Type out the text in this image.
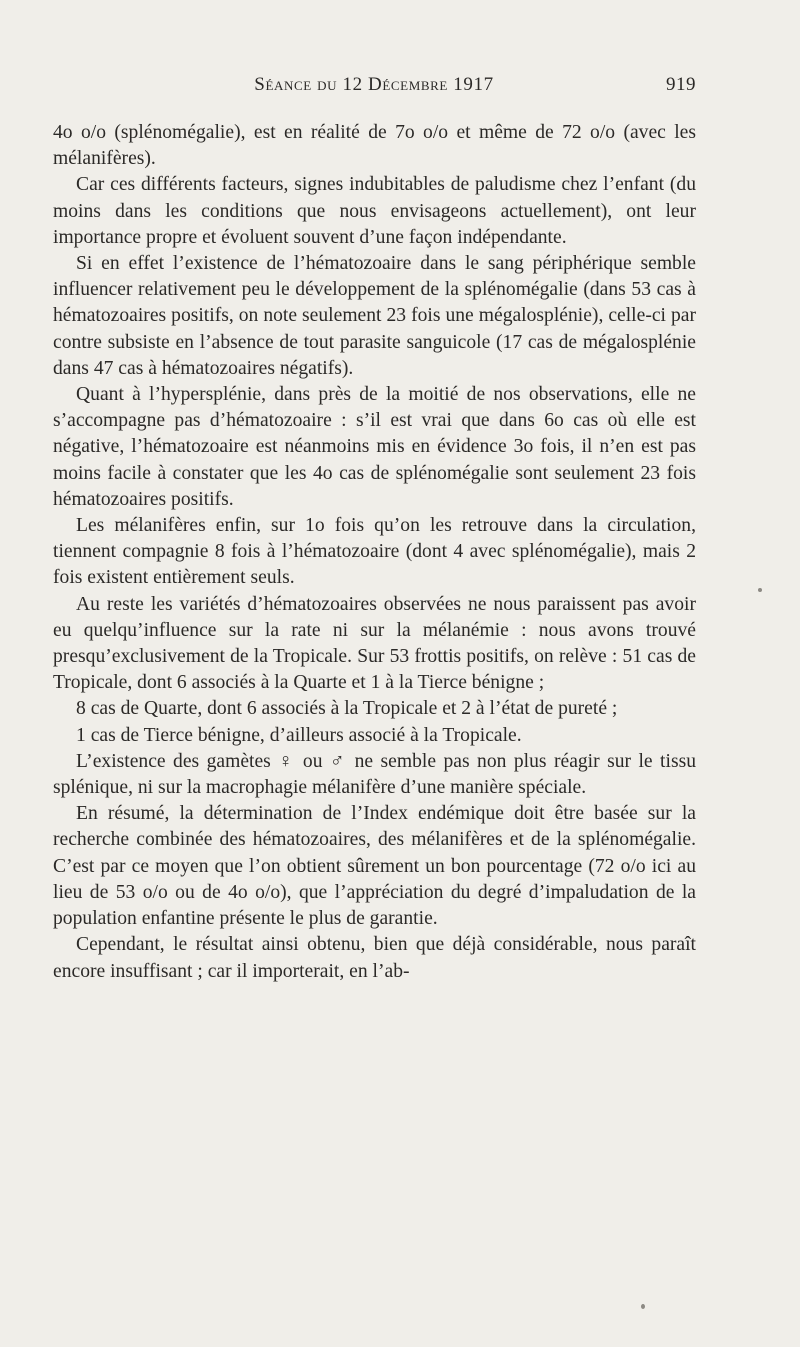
Séance du 12 Décembre 1917	919

4o o/o (splénomégalie), est en réalité de 7o o/o et même de 72 o/o (avec les mélanifères).

Car ces différents facteurs, signes indubitables de paludisme chez l’enfant (du moins dans les conditions que nous envisageons actuellement), ont leur importance propre et évoluent souvent d’une façon indépendante.

Si en effet l’existence de l’hématozoaire dans le sang périphérique semble influencer relativement peu le développement de la splénomégalie (dans 53 cas à hématozoaires positifs, on note seulement 23 fois une mégalosplénie), celle-ci par contre subsiste en l’absence de tout parasite sanguicole (17 cas de mégalosplénie dans 47 cas à hématozoaires négatifs).

Quant à l’hypersplénie, dans près de la moitié de nos observations, elle ne s’accompagne pas d’hématozoaire : s’il est vrai que dans 6o cas où elle est négative, l’hématozoaire est néanmoins mis en évidence 3o fois, il n’en est pas moins facile à constater que les 4o cas de splénomégalie sont seulement 23 fois hématozoaires positifs.

Les mélanifères enfin, sur 1o fois qu’on les retrouve dans la circulation, tiennent compagnie 8 fois à l’hématozoaire (dont 4 avec splénomégalie), mais 2 fois existent entièrement seuls.

Au reste les variétés d’hématozoaires observées ne nous paraissent pas avoir eu quelqu’influence sur la rate ni sur la mélanémie : nous avons trouvé presqu’exclusivement de la Tropicale. Sur 53 frottis positifs, on relève : 51 cas de Tropicale, dont 6 associés à la Quarte et 1 à la Tierce bénigne ;

8 cas de Quarte, dont 6 associés à la Tropicale et 2 à l’état de pureté ;

1 cas de Tierce bénigne, d’ailleurs associé à la Tropicale.

L’existence des gamètes ♀ ou ♂ ne semble pas non plus réagir sur le tissu splénique, ni sur la macrophagie mélanifère d’une manière spéciale.

En résumé, la détermination de l’Index endémique doit être basée sur la recherche combinée des hématozoaires, des mélanifères et de la splénomégalie. C’est par ce moyen que l’on obtient sûrement un bon pourcentage (72 o/o ici au lieu de 53 o/o ou de 4o o/o), que l’appréciation du degré d’impaludation de la population enfantine présente le plus de garantie.

Cependant, le résultat ainsi obtenu, bien que déjà considérable, nous paraît encore insuffisant ; car il importerait, en l’ab-
